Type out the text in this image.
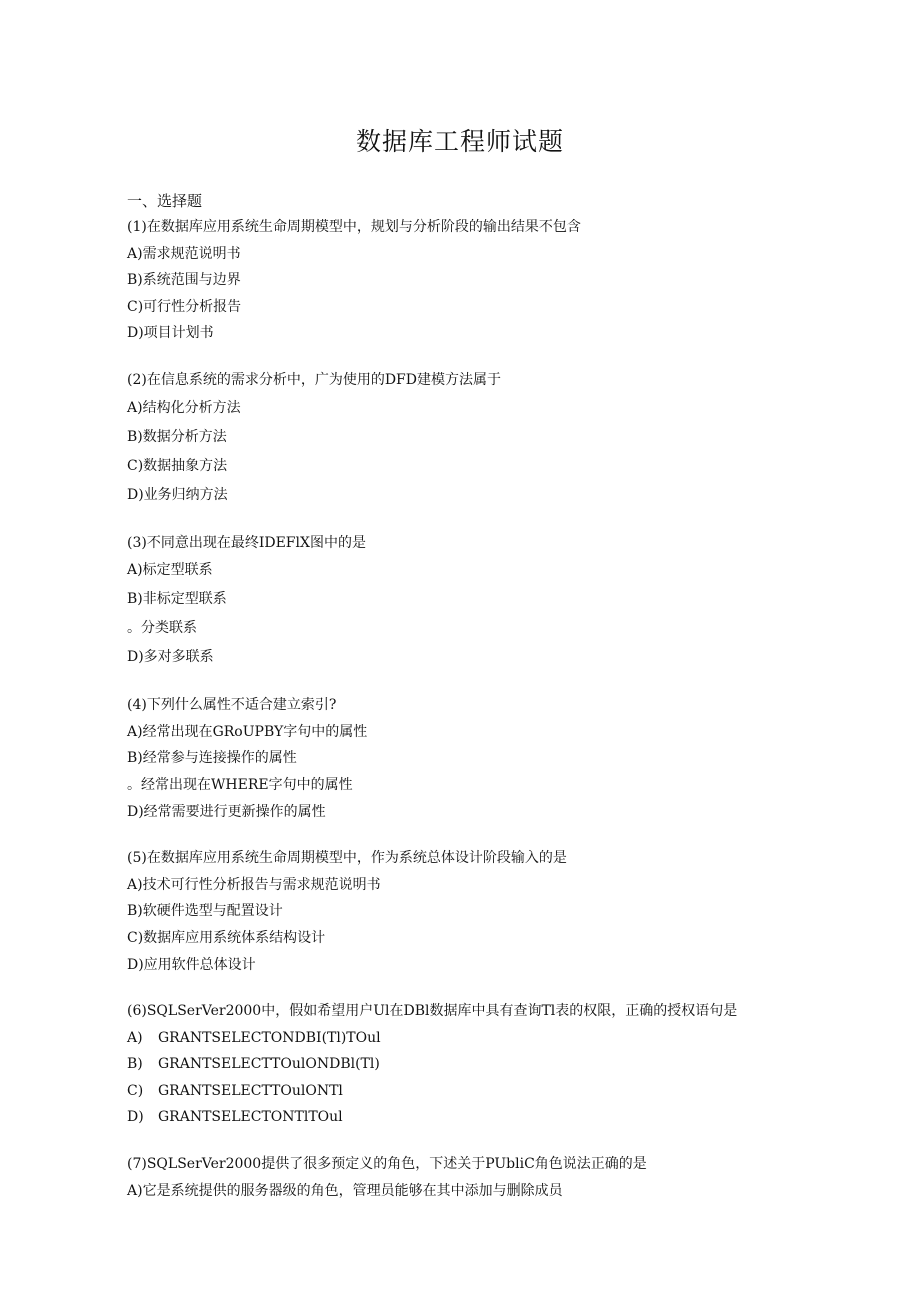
数据库工程师试题
一、选择题
(1)在数据库应用系统生命周期模型中，规划与分析阶段的输出结果不包含
A)需求规范说明书
B)系统范围与边界
C)可行性分析报告
D)项目计划书
(2)在信息系统的需求分析中，广为使用的DFD建模方法属于
A)结构化分析方法
B)数据分析方法
C)数据抽象方法
D)业务归纳方法
(3)不同意出现在最终IDEFlX图中的是
A)标定型联系
B)非标定型联系
。分类联系
D)多对多联系
(4)下列什么属性不适合建立索引?
A)经常出现在GRoUPBY字句中的属性
B)经常参与连接操作的属性
。经常出现在WHERE字句中的属性
D)经常需要进行更新操作的属性
(5)在数据库应用系统生命周期模型中，作为系统总体设计阶段输入的是
A)技术可行性分析报告与需求规范说明书
B)软硬件选型与配置设计
C)数据库应用系统体系结构设计
D)应用软件总体设计
(6)SQLSerVer2000中，假如希望用户Ul在DBl数据库中具有查询Tl表的权限，正确的授权语句是
A) GRANTSELECTONDBI(Tl)TOul
B) GRANTSELECTTOulONDBl(Tl)
C) GRANTSELECTTOulONTl
D) GRANTSELECTONTlTOul
(7)SQLSerVer2000提供了很多预定义的角色，下述关于PUbliC角色说法正确的是
A)它是系统提供的服务器级的角色，管理员能够在其中添加与删除成员
